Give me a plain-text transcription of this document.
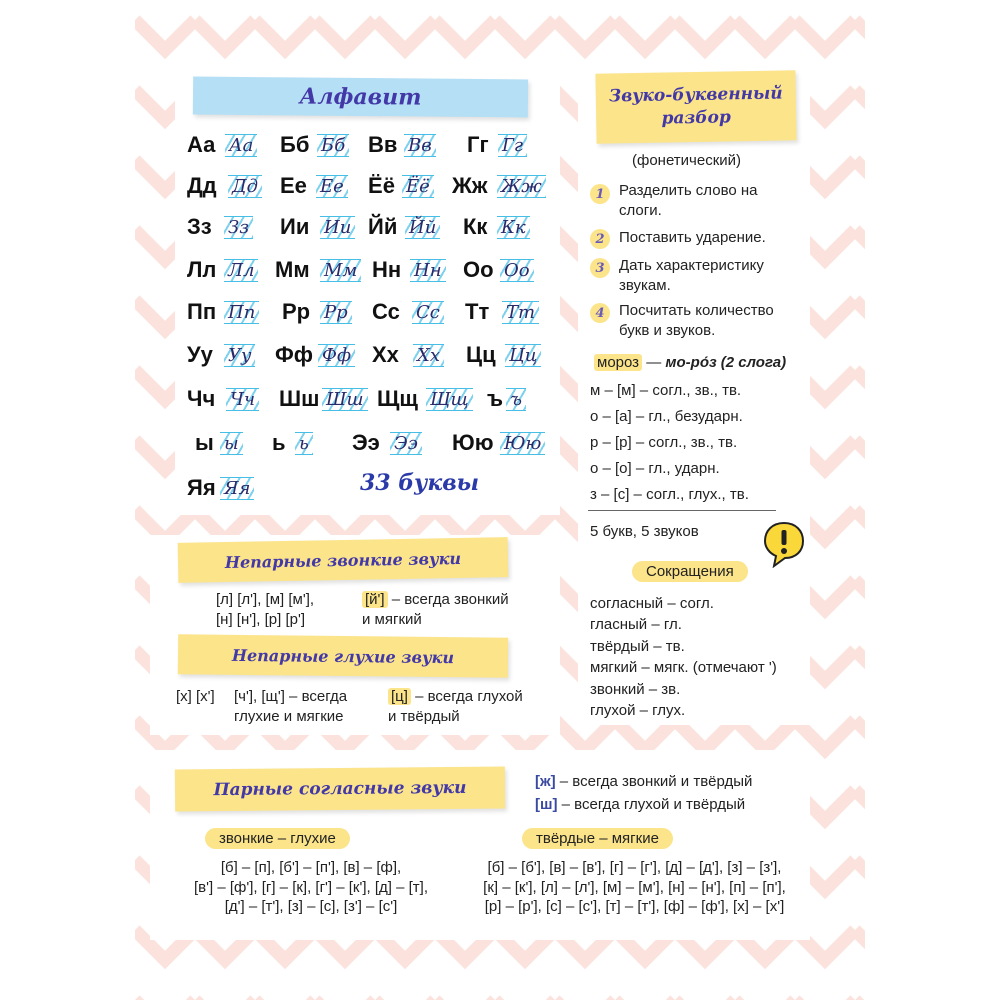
Алфавит
Аа Аа Бб Бб Вв Вв Гг Гг
Дд Дд Ее Ее Ёё Ёё Жж Жж
Зз Зз Ии Ии Йй Йй Кк Кк
Лл Лл Мм Мм Нн Нн Оо Оо
Пп Пп Рр Рр Сс Сс Тт Тт
Уу Уу Фф Фф Хх Хх Цц Цц
Чч Чч Шш Шш Щщ Щщ ъ ъ
ы ы ь ь Ээ Ээ Юю Юю
Яя Яя	33 буквы
Звуко-буквенный
разбор
(фонетический)
1 Разделить слово на
слоги.
2 Поставить ударение.
3 Дать характеристику
звукам.
4 Посчитать количество
букв и звуков.
мороз — мо-ро́з (2 слога)
м – [м] – согл., зв., тв.
о – [а] – гл., безударн.
р – [р] – согл., зв., тв.
о – [о] – гл., ударн.
з – [с] – согл., глух., тв.
5 букв, 5 звуков
Сокращения
согласный – согл.
гласный – гл.
твёрдый – тв.
мягкий – мягк. (отмечают ')
звонкий – зв.
глухой – глух.
Непарные звонкие звуки
[л] [л'], [м] [м'],
[н] [н'], [р] [р']
[й'] – всегда звонкий
и мягкий
Непарные глухие звуки
[х] [х'] [ч'], [щ'] – всегда
глухие и мягкие
[ц] – всегда глухой
и твёрдый
Парные согласные звуки	[ж] – всегда звонкий и твёрдый
[ш] – всегда глухой и твёрдый
звонкие – глухие	твёрдые – мягкие
[б] – [п], [б'] – [п'], [в] – [ф],
[в'] – [ф'], [г] – [к], [г'] – [к'], [д] – [т],
[д'] – [т'], [з] – [с], [з'] – [с']
[б] – [б'], [в] – [в'], [г] – [г'], [д] – [д'], [з] – [з'],
[к] – [к'], [л] – [л'], [м] – [м'], [н] – [н'], [п] – [п'],
[р] – [р'], [с] – [с'], [т] – [т'], [ф] – [ф'], [х] – [х']
